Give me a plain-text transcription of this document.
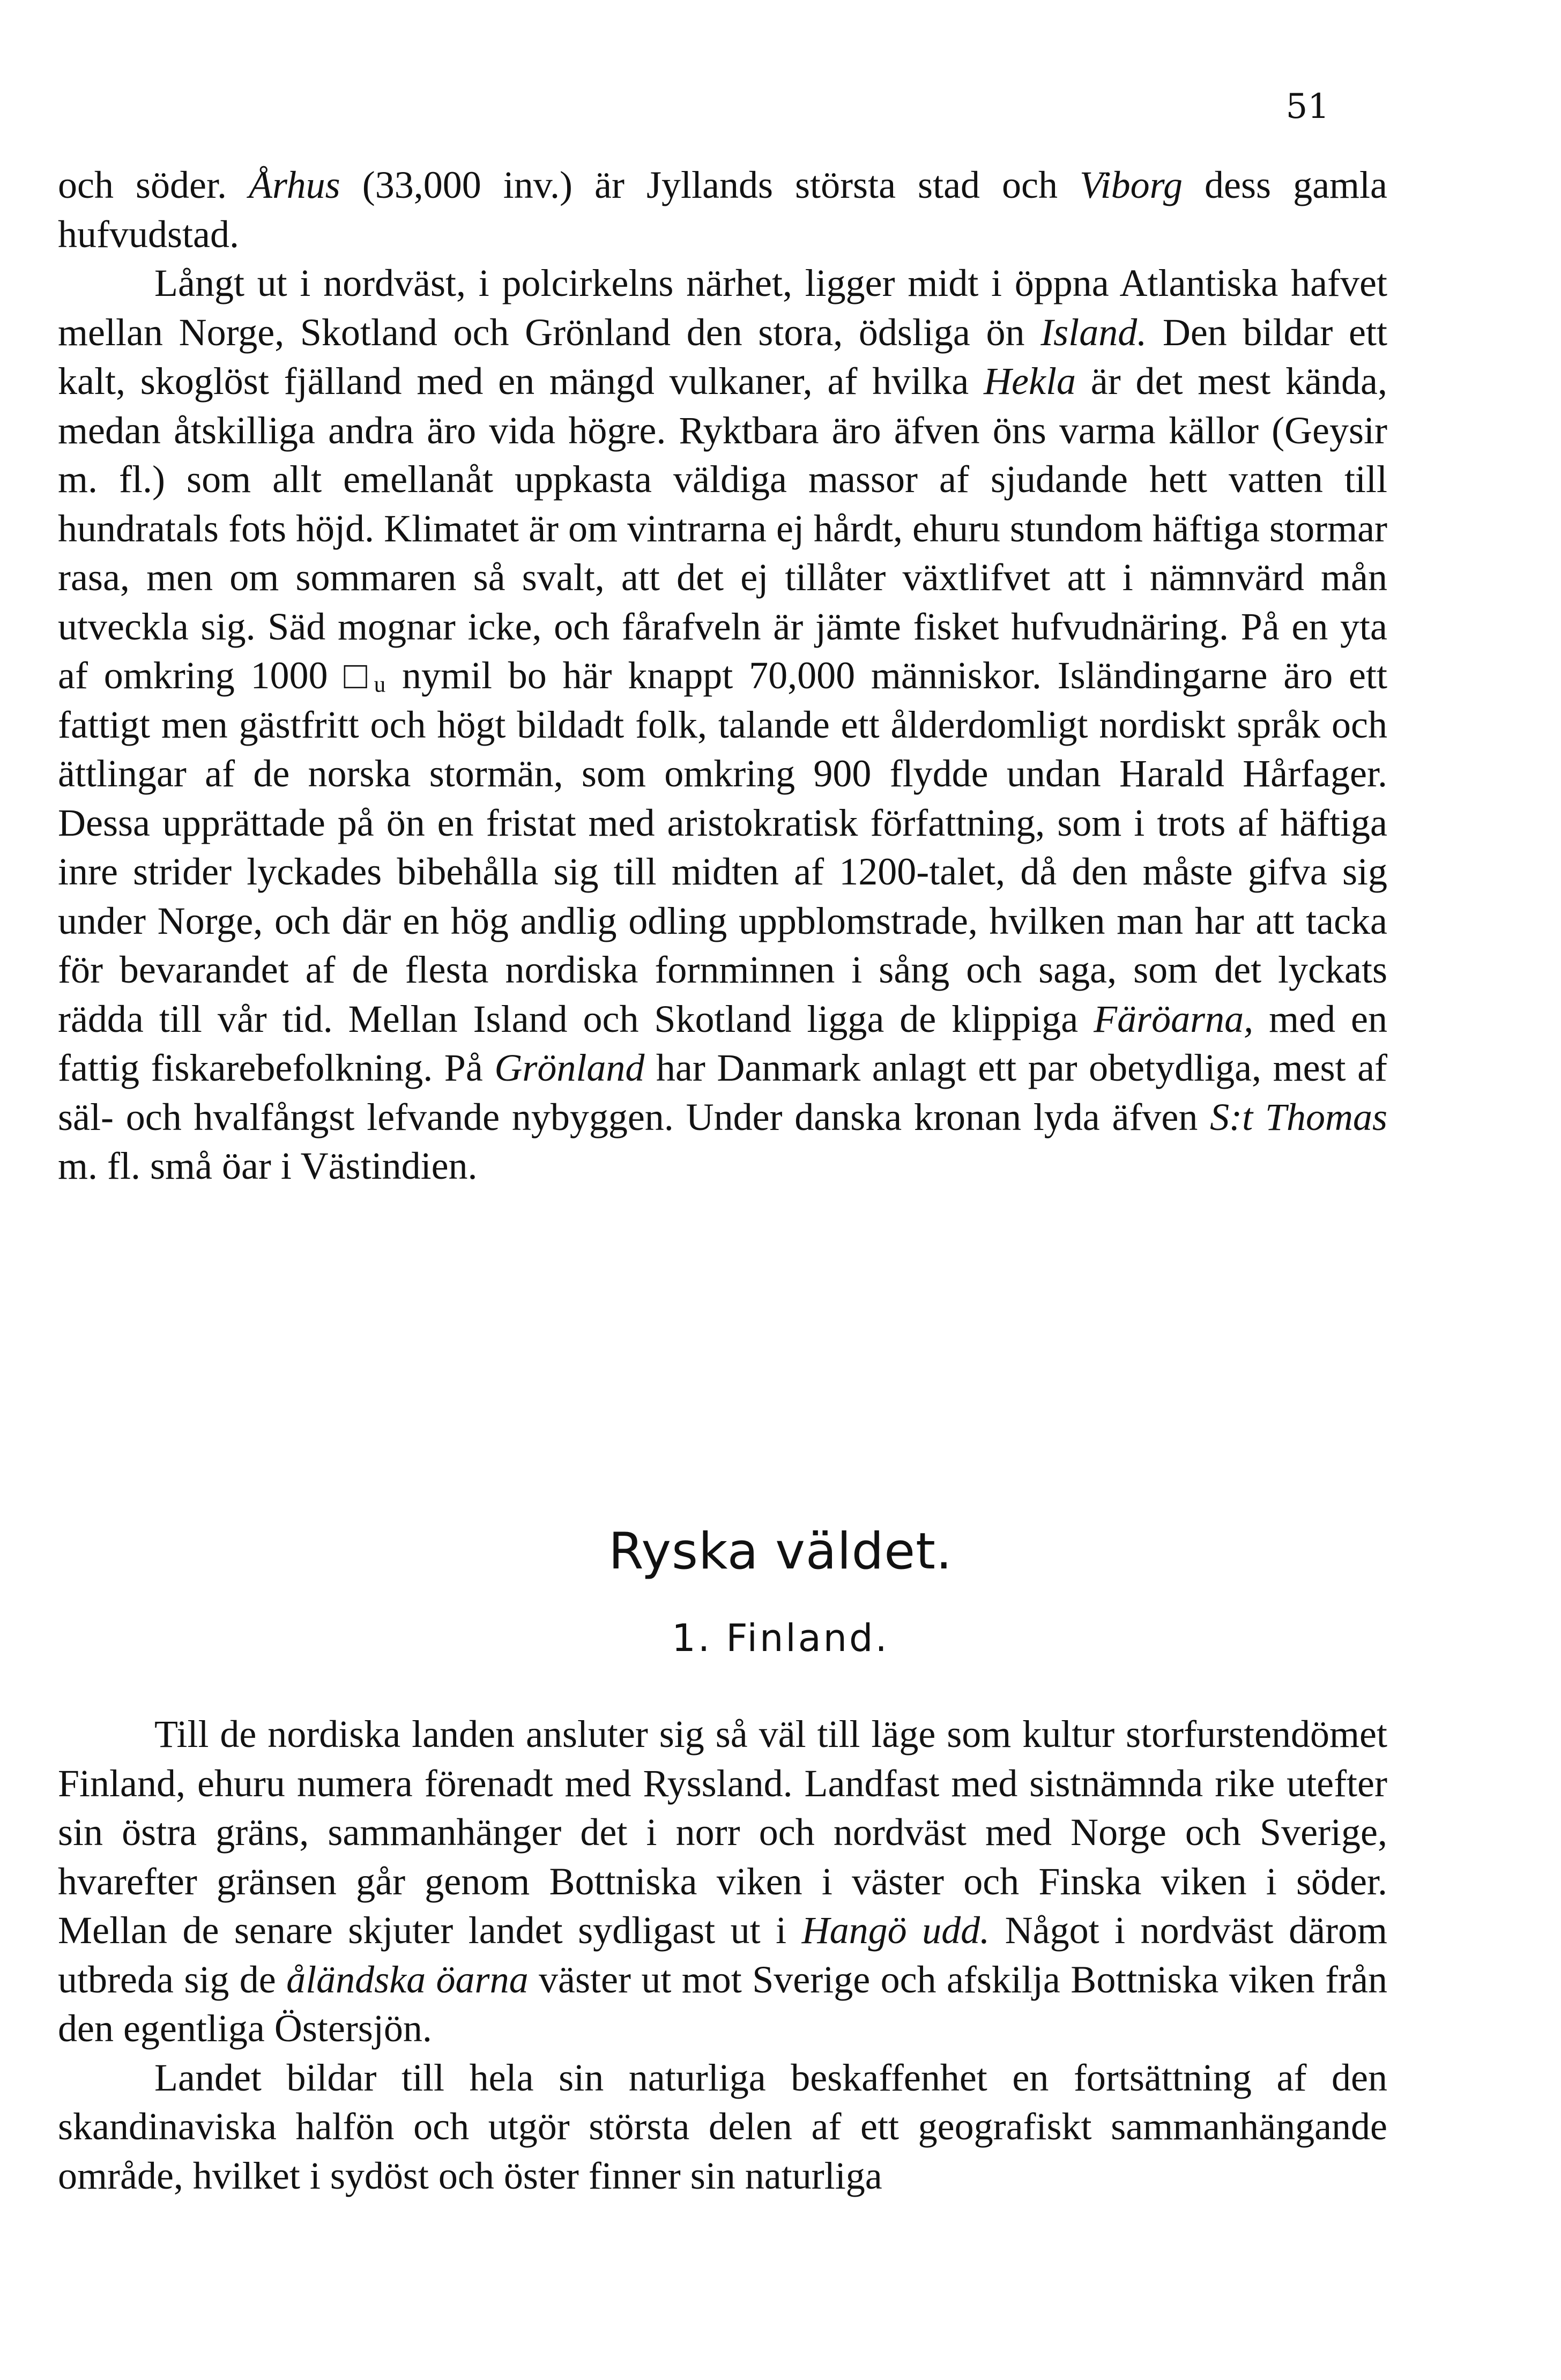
51

och söder. Århus (33,000 inv.) är Jyllands största stad och Viborg dess gamla hufvudstad.

Långt ut i nordväst, i polcirkelns närhet, ligger midt i öppna Atlantiska hafvet mellan Norge, Skotland och Grönland den stora, ödsliga ön Island. Den bildar ett kalt, skoglöst fjälland med en mängd vulkaner, af hvilka Hekla är det mest kända, medan åtskilliga andra äro vida högre. Ryktbara äro äfven öns varma källor (Geysir m. fl.) som allt emellanåt uppkasta väldiga massor af sjudande hett vatten till hundratals fots höjd. Klimatet är om vintrarna ej hårdt, ehuru stundom häftiga stormar rasa, men om sommaren så svalt, att det ej tillåter växtlifvet att i nämnvärd mån utveckla sig. Säd mognar icke, och fårafveln är jämte fisket hufvudnäring. På en yta af omkring 1000 □ᵤ nymil bo här knappt 70,000 människor. Isländingarne äro ett fattigt men gästfritt och högt bildadt folk, talande ett ålderdomligt nordiskt språk och ättlingar af de norska stormän, som omkring 900 flydde undan Harald Hårfager. Dessa upprättade på ön en fristat med aristokratisk författning, som i trots af häftiga inre strider lyckades bibehålla sig till midten af 1200-talet, då den måste gifva sig under Norge, och där en hög andlig odling uppblomstrade, hvilken man har att tacka för bevarandet af de flesta nordiska fornminnen i sång och saga, som det lyckats rädda till vår tid. Mellan Island och Skotland ligga de klippiga Färöarna, med en fattig fiskarebefolkning. På Grönland har Danmark anlagt ett par obetydliga, mest af säl- och hvalfångst lefvande nybyggen. Under danska kronan lyda äfven S:t Thomas m. fl. små öar i Västindien.

Ryska väldet.
1. Finland.

Till de nordiska landen ansluter sig så väl till läge som kultur storfurstendömet Finland, ehuru numera förenadt med Ryssland. Landfast med sistnämnda rike utefter sin östra gräns, sammanhänger det i norr och nordväst med Norge och Sverige, hvarefter gränsen går genom Bottniska viken i väster och Finska viken i söder. Mellan de senare skjuter landet sydligast ut i Hangö udd. Något i nordväst därom utbreda sig de åländska öarna väster ut mot Sverige och afskilja Bottniska viken från den egentliga Östersjön.

Landet bildar till hela sin naturliga beskaffenhet en fortsättning af den skandinaviska halfön och utgör största delen af ett geografiskt sammanhängande område, hvilket i sydöst och öster finner sin naturliga
